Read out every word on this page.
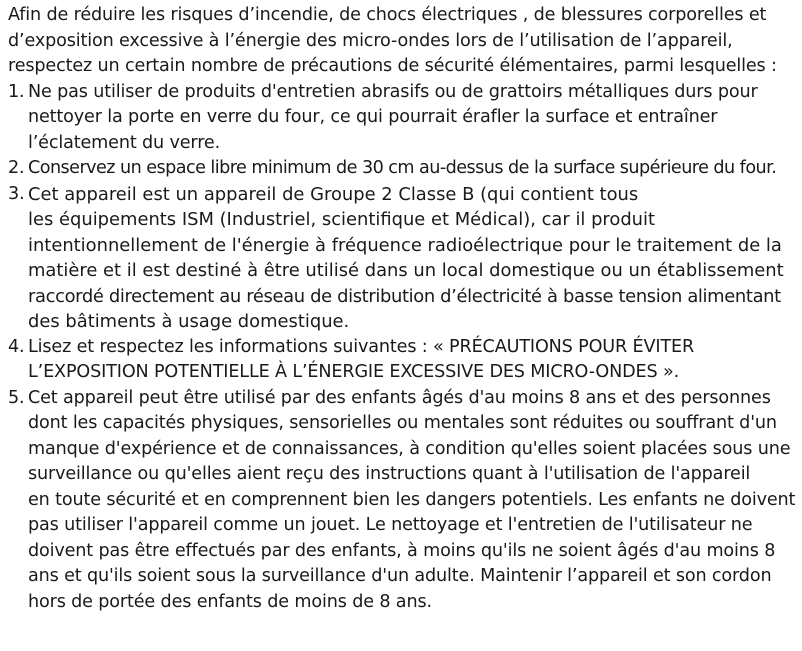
Afin de réduire les risques d’incendie, de chocs électriques , de blessures corporelles et
d’exposition excessive à l’énergie des micro-ondes lors de l’utilisation de l’appareil,
respectez un certain nombre de précautions de sécurité élémentaires, parmi lesquelles :

1. Ne pas utiliser de produits d'entretien abrasifs ou de grattoirs métalliques durs pour
nettoyer la porte en verre du four, ce qui pourrait érafler la surface et entraîner
l’éclatement du verre.
2. Conservez un espace libre minimum de 30 cm au-dessus de la surface supérieure du four.
3. Cet appareil est un appareil de Groupe 2 Classe B (qui contient tous
les équipements ISM (Industriel, scientifique et Médical), car il produit
intentionnellement de l'énergie à fréquence radioélectrique pour le traitement de la
matière et il est destiné à être utilisé dans un local domestique ou un établissement
raccordé directement au réseau de distribution d’électricité à basse tension alimentant
des bâtiments à usage domestique.
4. Lisez et respectez les informations suivantes : « PRÉCAUTIONS POUR ÉVITER
L’EXPOSITION POTENTIELLE À L’ÉNERGIE EXCESSIVE DES MICRO-ONDES ».
5. Cet appareil peut être utilisé par des enfants âgés d'au moins 8 ans et des personnes
dont les capacités physiques, sensorielles ou mentales sont réduites ou souffrant d'un
manque d'expérience et de connaissances, à condition qu'elles soient placées sous une
surveillance ou qu'elles aient reçu des instructions quant à l'utilisation de l'appareil
en toute sécurité et en comprennent bien les dangers potentiels. Les enfants ne doivent
pas utiliser l'appareil comme un jouet. Le nettoyage et l'entretien de l'utilisateur ne
doivent pas être effectués par des enfants, à moins qu'ils ne soient âgés d'au moins 8
ans et qu'ils soient sous la surveillance d'un adulte. Maintenir l’appareil et son cordon
hors de portée des enfants de moins de 8 ans.
